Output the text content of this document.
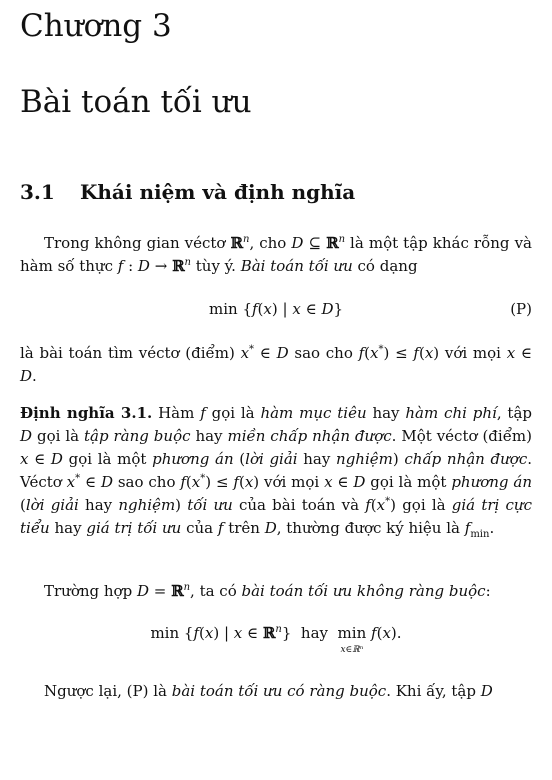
Chương 3
Bài toán tối ưu
3.1 Khái niệm và định nghĩa
Trong không gian véctơ ℝ$^n$, cho D ⊆ ℝ$^n$ là một tập khác rỗng và hàm số thực f : D → ℝ$^n$ tùy ý. Bài toán tối ưu có dạng
min {f(x) | x ∈ D}	(P)
là bài toán tìm véctơ (điểm) x* ∈ D sao cho f(x*) ≤ f(x) với mọi x ∈ D.
Định nghĩa 3.1. Hàm f gọi là hàm mục tiêu hay hàm chi phí, tập D gọi là tập ràng buộc hay miền chấp nhận được. Một véctơ (điểm) x ∈ D gọi là một phương án (lời giải hay nghiệm) chấp nhận được. Véctơ x* ∈ D sao cho f(x*) ≤ f(x) với mọi x ∈ D gọi là một phương án (lời giải hay nghiệm) tối ưu của bài toán và f(x*) gọi là giá trị cực tiểu hay giá trị tối ưu của f trên D, thường được ký hiệu là $f_{min}$.
Trường hợp D = ℝ$^n$, ta có bài toán tối ưu không ràng buộc:
min {f(x) | x ∈ ℝ$^n$}  hay min
x∈ℝⁿ
f(x).
Ngược lại, (P) là bài toán tối ưu có ràng buộc. Khi ấy, tập D
